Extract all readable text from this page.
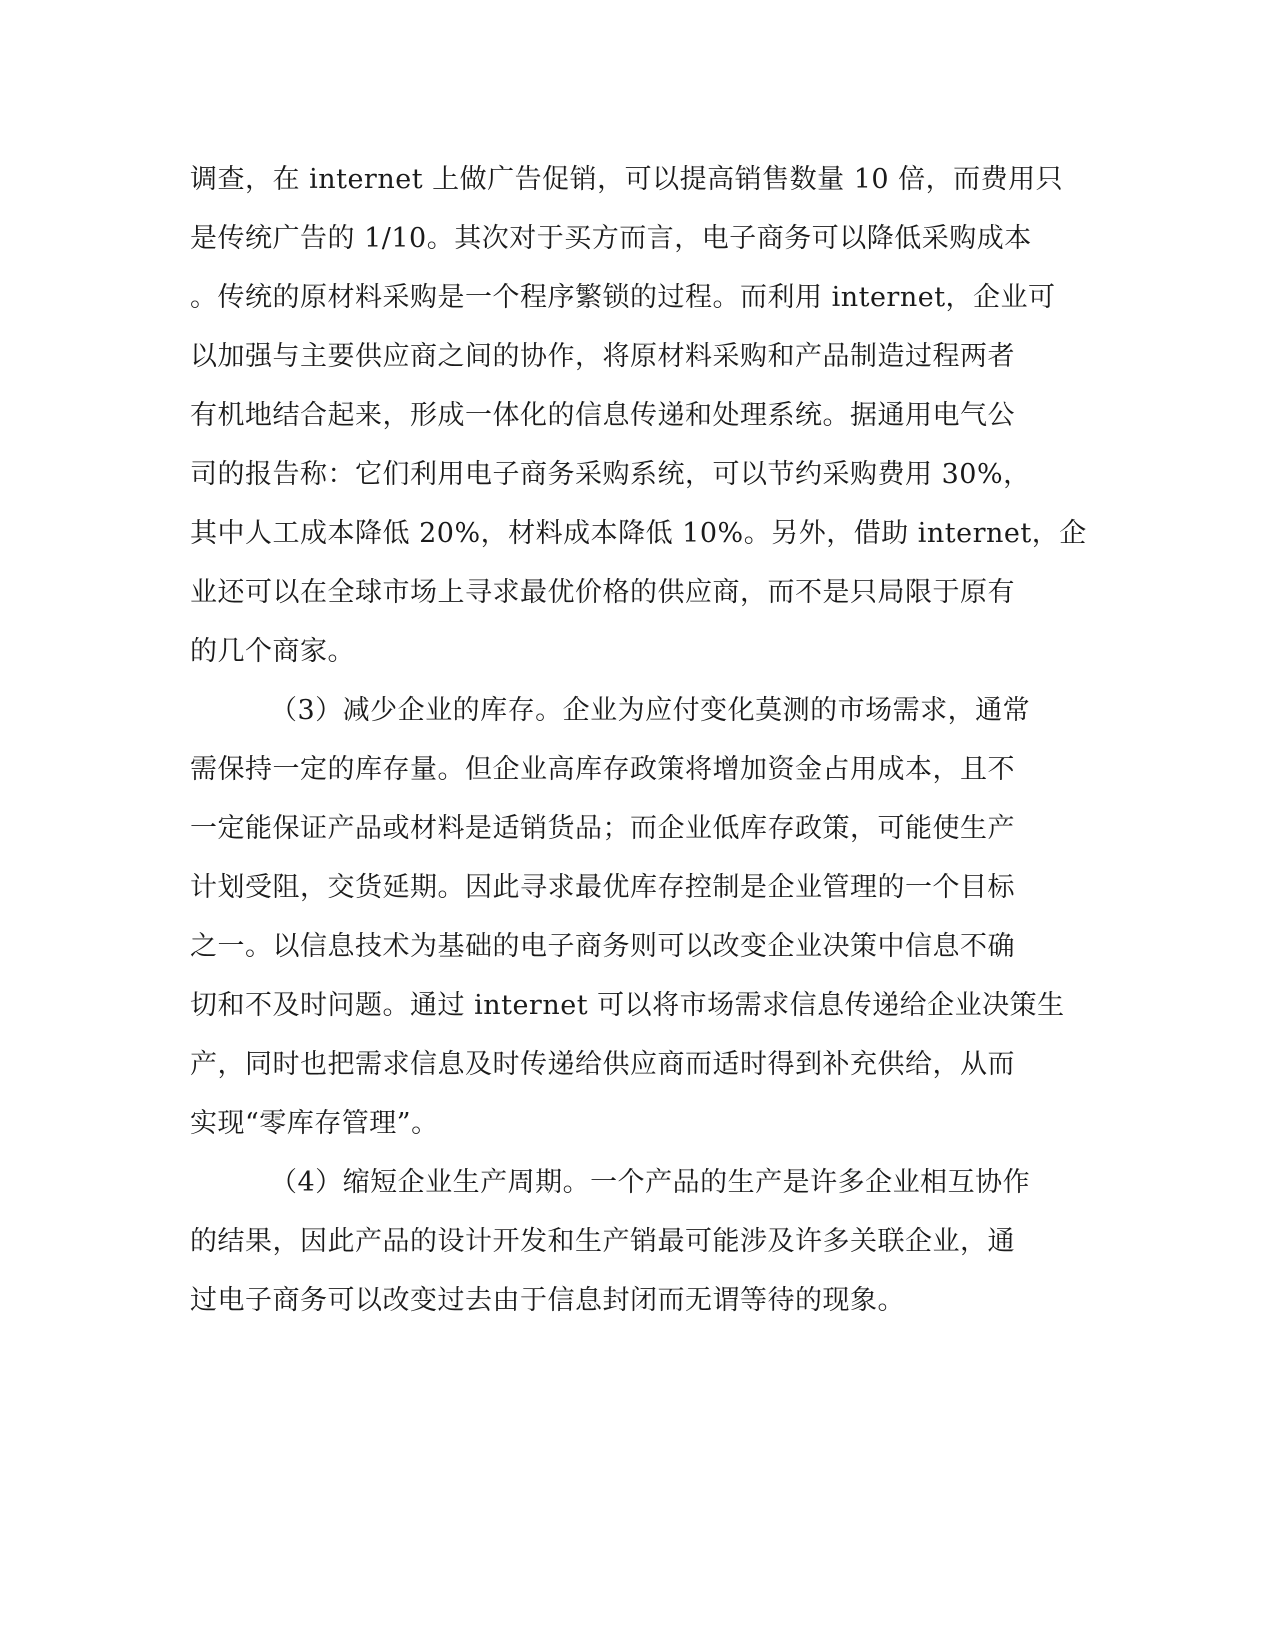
调查，在 internet 上做广告促销，可以提高销售数量 10 倍，而费用只

是传统广告的 1/10。其次对于买方而言，电子商务可以降低采购成本

。传统的原材料采购是一个程序繁锁的过程。而利用 internet，企业可

以加强与主要供应商之间的协作，将原材料采购和产品制造过程两者

有机地结合起来，形成一体化的信息传递和处理系统。据通用电气公

司的报告称：它们利用电子商务采购系统，可以节约采购费用 30%，

其中人工成本降低 20%，材料成本降低 10%。另外，借助 internet，企

业还可以在全球市场上寻求最优价格的供应商，而不是只局限于原有

的几个商家。

（3）减少企业的库存。企业为应付变化莫测的市场需求，通常

需保持一定的库存量。但企业高库存政策将增加资金占用成本，且不

一定能保证产品或材料是适销货品；而企业低库存政策，可能使生产

计划受阻，交货延期。因此寻求最优库存控制是企业管理的一个目标

之一。以信息技术为基础的电子商务则可以改变企业决策中信息不确

切和不及时问题。通过 internet 可以将市场需求信息传递给企业决策生

产，同时也把需求信息及时传递给供应商而适时得到补充供给，从而

实现“零库存管理”。

（4）缩短企业生产周期。一个产品的生产是许多企业相互协作

的结果，因此产品的设计开发和生产销最可能涉及许多关联企业，通

过电子商务可以改变过去由于信息封闭而无谓等待的现象。
